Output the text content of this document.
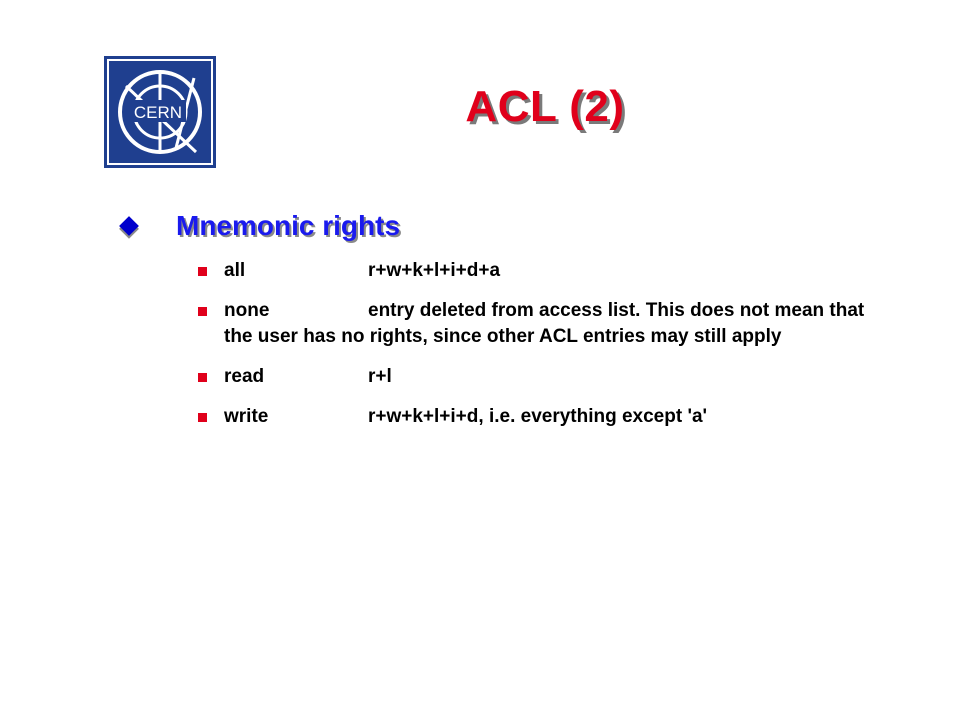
CERN	ACL (2)
Mnemonic rights
all	r+w+k+l+i+d+a
none	entry deleted from access list. This does not mean that the user has no rights, since other ACL entries may still apply
read	r+l
write	r+w+k+l+i+d, i.e. everything except 'a'
